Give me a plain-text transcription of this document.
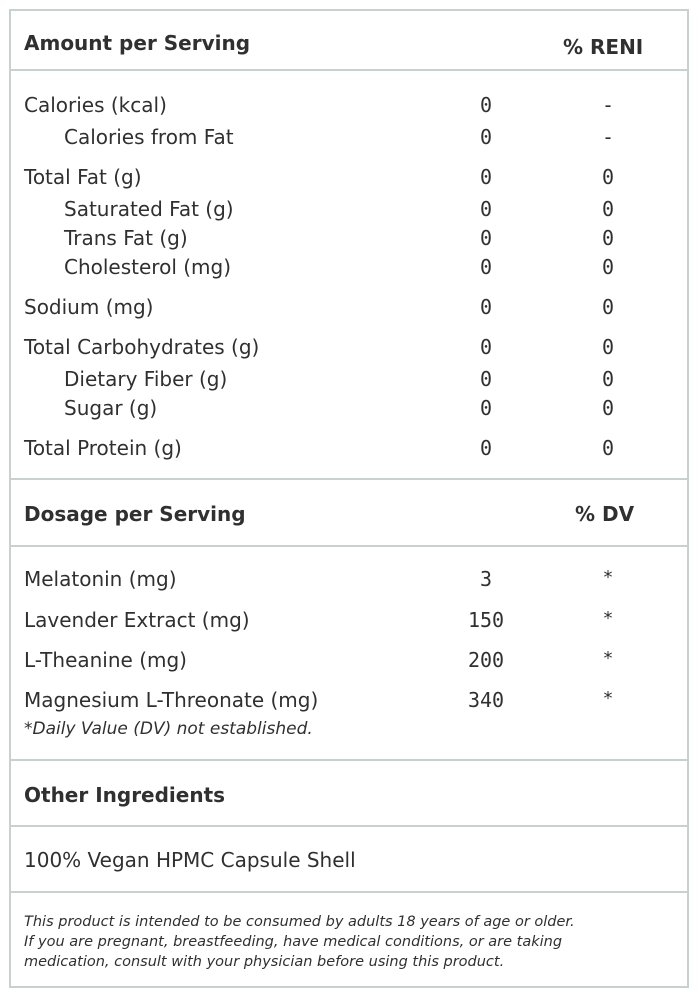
Amount per Serving	% RENI
Calories (kcal)	0	-
Calories from Fat	0	-
Total Fat (g)	0	0
Saturated Fat (g)	0	0
Trans Fat (g)	0	0
Cholesterol (mg)	0	0
Sodium (mg)	0	0
Total Carbohydrates (g)	0	0
Dietary Fiber (g)	0	0
Sugar (g)	0	0
Total Protein (g)	0	0
Dosage per Serving	% DV
Melatonin (mg)	3	*
Lavender Extract (mg)	150	*
L-Theanine (mg)	200	*
Magnesium L-Threonate (mg)	340	*
*Daily Value (DV) not established.
Other Ingredients
100% Vegan HPMC Capsule Shell
This product is intended to be consumed by adults 18 years of age or older.
If you are pregnant, breastfeeding, have medical conditions, or are taking
medication, consult with your physician before using this product.
